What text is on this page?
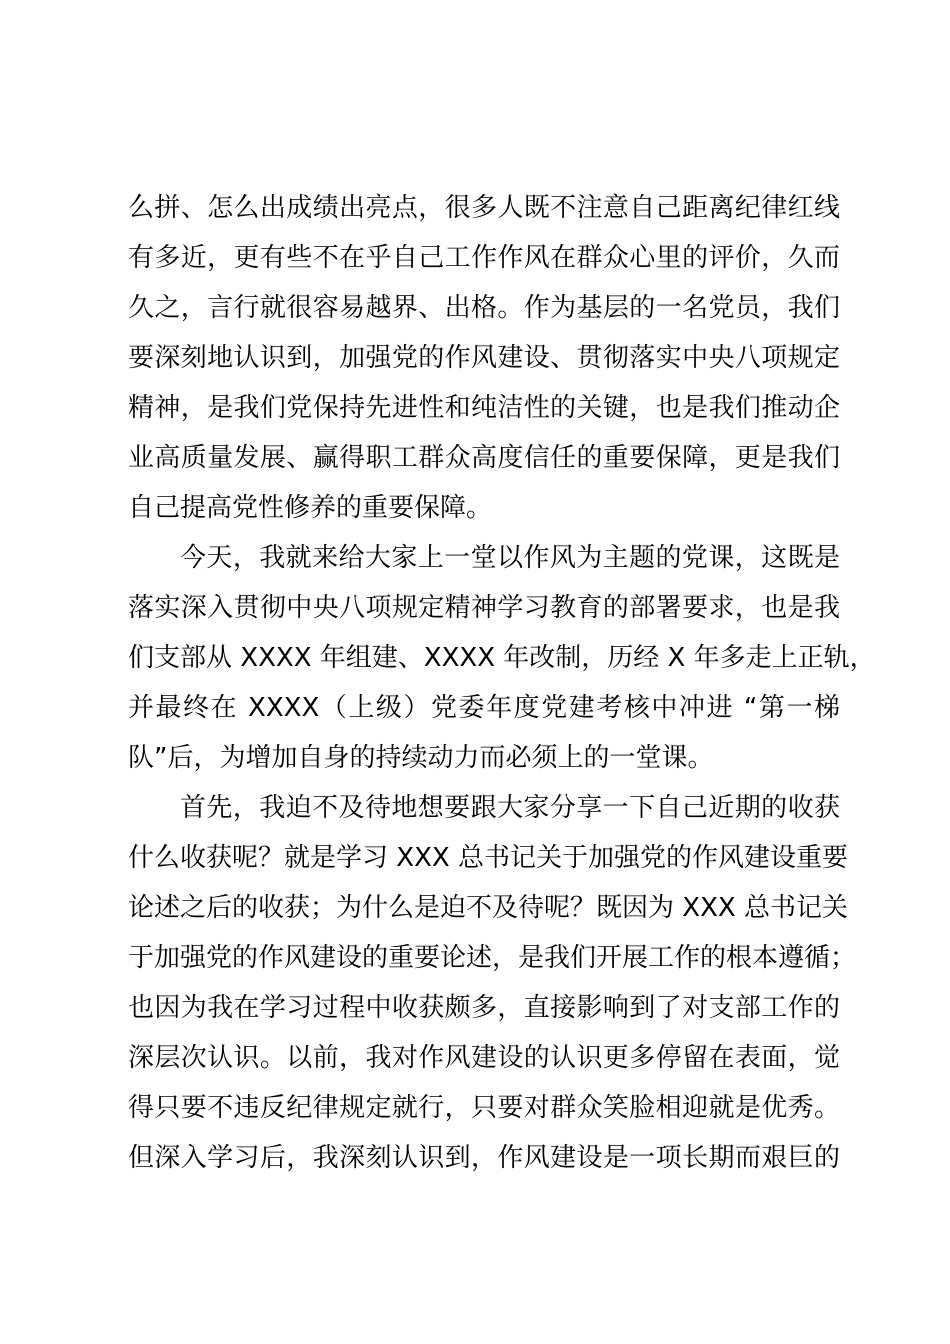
么拼、怎么出成绩出亮点，很多人既不注意自己距离纪律红线
有多近，更有些不在乎自己工作作风在群众心里的评价，久而
久之，言行就很容易越界、出格。作为基层的一名党员，我们
要深刻地认识到，加强党的作风建设、贯彻落实中央八项规定
精神，是我们党保持先进性和纯洁性的关键，也是我们推动企
业高质量发展、赢得职工群众高度信任的重要保障，更是我们
自己提高党性修养的重要保障。
今天，我就来给大家上一堂以作风为主题的党课，这既是
落实深入贯彻中央八项规定精神学习教育的部署要求，也是我
们支部从 XXXX 年组建、XXXX 年改制，历经 X 年多走上正轨，
并最终在 XXXX（上级）党委年度党建考核中冲进 “第一梯
队”后，为增加自身的持续动力而必须上的一堂课。
首先，我迫不及待地想要跟大家分享一下自己近期的收获
什么收获呢？就是学习 XXX 总书记关于加强党的作风建设重要
论述之后的收获；为什么是迫不及待呢？既因为 XXX 总书记关
于加强党的作风建设的重要论述，是我们开展工作的根本遵循；
也因为我在学习过程中收获颇多，直接影响到了对支部工作的
深层次认识。以前，我对作风建设的认识更多停留在表面，觉
得只要不违反纪律规定就行，只要对群众笑脸相迎就是优秀。
但深入学习后，我深刻认识到，作风建设是一项长期而艰巨的
